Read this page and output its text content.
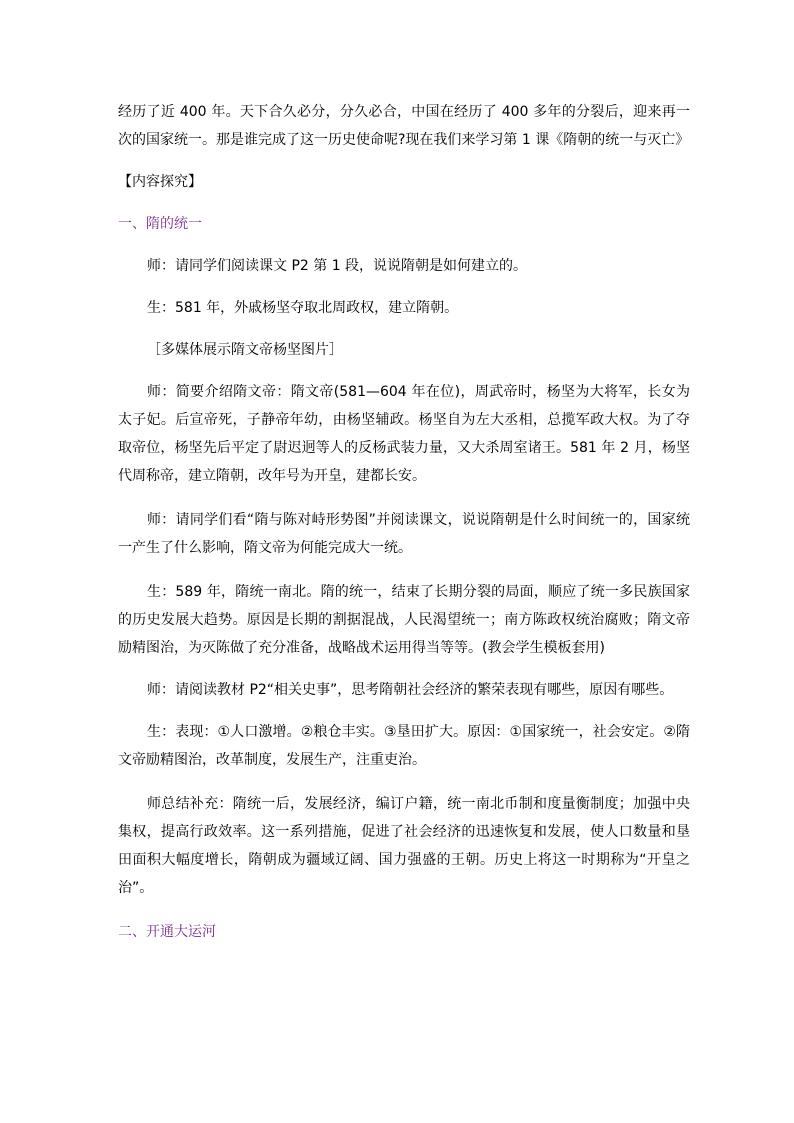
经历了近 400 年。天下合久必分，分久必合，中国在经历了 400 多年的分裂后，迎来再一次的国家统一。那是谁完成了这一历史使命呢?现在我们来学习第 1 课《隋朝的统一与灭亡》

【内容探究】

一、隋的统一

师：请同学们阅读课文 P2 第 1 段，说说隋朝是如何建立的。

生：581 年，外戚杨坚夺取北周政权，建立隋朝。

［多媒体展示隋文帝杨坚图片］

师：简要介绍隋文帝：隋文帝(581—604 年在位)，周武帝时，杨坚为大将军，长女为太子妃。后宣帝死，子静帝年幼，由杨坚辅政。杨坚自为左大丞相，总揽军政大权。为了夺取帝位，杨坚先后平定了尉迟迥等人的反杨武装力量，又大杀周室诸王。581 年 2 月，杨坚代周称帝，建立隋朝，改年号为开皇，建都长安。

师：请同学们看“隋与陈对峙形势图”并阅读课文，说说隋朝是什么时间统一的，国家统一产生了什么影响，隋文帝为何能完成大一统。

生：589 年，隋统一南北。隋的统一，结束了长期分裂的局面，顺应了统一多民族国家的历史发展大趋势。原因是长期的割据混战，人民渴望统一；南方陈政权统治腐败；隋文帝励精图治，为灭陈做了充分准备，战略战术运用得当等等。(教会学生模板套用)

师：请阅读教材 P2“相关史事”，思考隋朝社会经济的繁荣表现有哪些，原因有哪些。

生：表现：①人口激增。②粮仓丰实。③垦田扩大。原因：①国家统一，社会安定。②隋文帝励精图治，改革制度，发展生产，注重吏治。

师总结补充：隋统一后，发展经济，编订户籍，统一南北币制和度量衡制度；加强中央集权，提高行政效率。这一系列措施，促进了社会经济的迅速恢复和发展，使人口数量和垦田面积大幅度增长，隋朝成为疆域辽阔、国力强盛的王朝。历史上将这一时期称为“开皇之治”。

二、开通大运河
